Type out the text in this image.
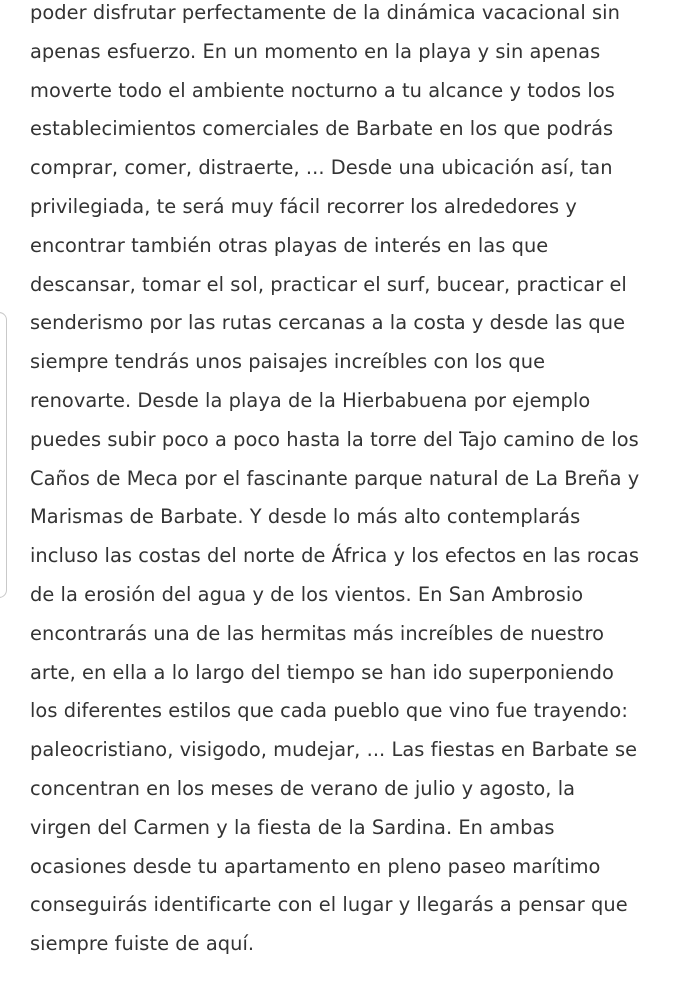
poder disfrutar perfectamente de la dinámica vacacional sin
apenas esfuerzo. En un momento en la playa y sin apenas
moverte todo el ambiente nocturno a tu alcance y todos los
establecimientos comerciales de Barbate en los que podrás
comprar, comer, distraerte, ... Desde una ubicación así, tan
privilegiada, te será muy fácil recorrer los alrededores y
encontrar también otras playas de interés en las que
descansar, tomar el sol, practicar el surf, bucear, practicar el
senderismo por las rutas cercanas a la costa y desde las que
siempre tendrás unos paisajes increíbles con los que
renovarte. Desde la playa de la Hierbabuena por ejemplo
puedes subir poco a poco hasta la torre del Tajo camino de los
Caños de Meca por el fascinante parque natural de La Breña y
Marismas de Barbate. Y desde lo más alto contemplarás
incluso las costas del norte de África y los efectos en las rocas
de la erosión del agua y de los vientos. En San Ambrosio
encontrarás una de las hermitas más increíbles de nuestro
arte, en ella a lo largo del tiempo se han ido superponiendo
los diferentes estilos que cada pueblo que vino fue trayendo:
paleocristiano, visigodo, mudejar, ... Las fiestas en Barbate se
concentran en los meses de verano de julio y agosto, la
virgen del Carmen y la fiesta de la Sardina. En ambas
ocasiones desde tu apartamento en pleno paseo marítimo
conseguirás identificarte con el lugar y llegarás a pensar que
siempre fuiste de aquí.
